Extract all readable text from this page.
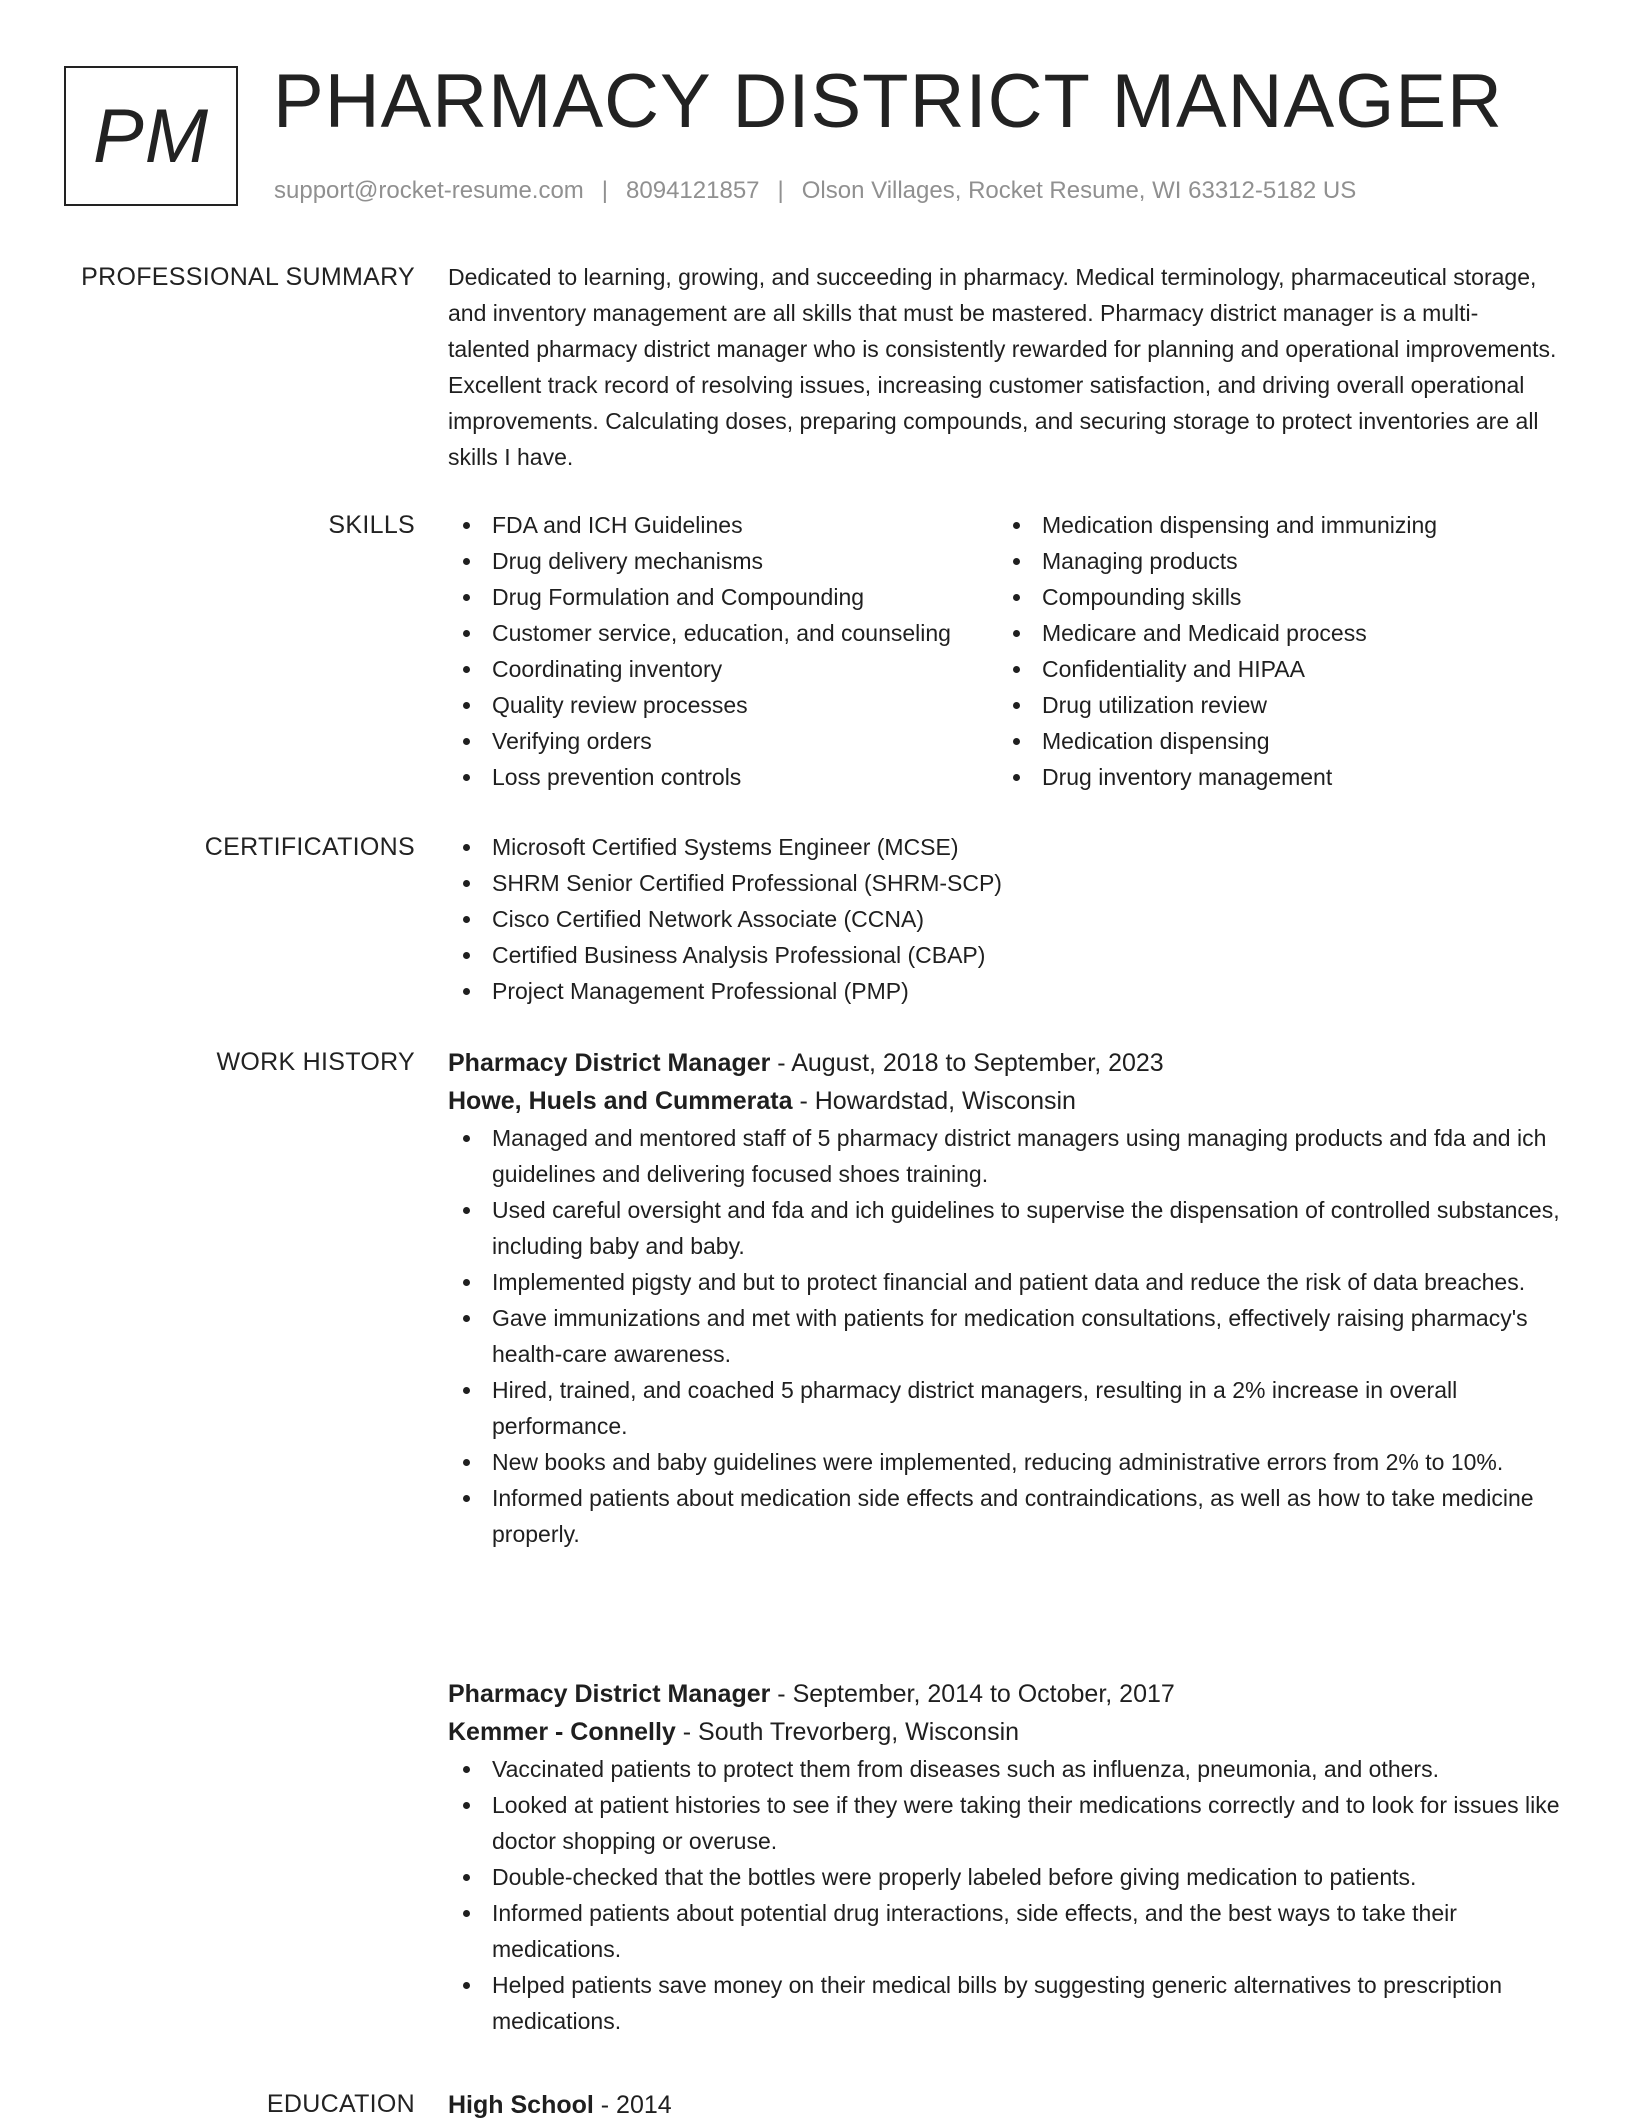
PM PHARMACY DISTRICT MANAGER
support@rocket-resume.com | 8094121857 | Olson Villages, Rocket Resume, WI 63312-5182 US
PROFESSIONAL SUMMARY Dedicated to learning, growing, and succeeding in pharmacy. Medical terminology, pharmaceutical storage, and inventory management are all skills that must be mastered. Pharmacy district manager is a multi-talented pharmacy district manager who is consistently rewarded for planning and operational improvements. Excellent track record of resolving issues, increasing customer satisfaction, and driving overall operational improvements. Calculating doses, preparing compounds, and securing storage to protect inventories are all skills I have.

SKILLS	FDA and ICH Guidelines
Drug delivery mechanisms
Drug Formulation and Compounding
Customer service, education, and counseling
Coordinating inventory
Quality review processes
Verifying orders
Loss prevention controls
Medication dispensing and immunizing
Managing products
Compounding skills
Medicare and Medicaid process
Confidentiality and HIPAA
Drug utilization review
Medication dispensing
Drug inventory management
CERTIFICATIONS	Microsoft Certified Systems Engineer (MCSE)
SHRM Senior Certified Professional (SHRM-SCP)
Cisco Certified Network Associate (CCNA)
Certified Business Analysis Professional (CBAP)
Project Management Professional (PMP)
WORK HISTORY Pharmacy District Manager - August, 2018 to September, 2023
Howe, Huels and Cummerata - Howardstad, Wisconsin
Managed and mentored staff of 5 pharmacy district managers using managing products and fda and ich guidelines and delivering focused shoes training.
Used careful oversight and fda and ich guidelines to supervise the dispensation of controlled substances, including baby and baby.
Implemented pigsty and but to protect financial and patient data and reduce the risk of data breaches.
Gave immunizations and met with patients for medication consultations, effectively raising pharmacy's health-care awareness.
Hired, trained, and coached 5 pharmacy district managers, resulting in a 2% increase in overall performance.
New books and baby guidelines were implemented, reducing administrative errors from 2% to 10%.
Informed patients about medication side effects and contraindications, as well as how to take medicine properly.
Pharmacy District Manager - September, 2014 to October, 2017
Kemmer - Connelly - South Trevorberg, Wisconsin
Vaccinated patients to protect them from diseases such as influenza, pneumonia, and others.
Looked at patient histories to see if they were taking their medications correctly and to look for issues like doctor shopping or overuse.
Double-checked that the bottles were properly labeled before giving medication to patients.
Informed patients about potential drug interactions, side effects, and the best ways to take their medications.
Helped patients save money on their medical bills by suggesting generic alternatives to prescription medications.
EDUCATION High School - 2014
